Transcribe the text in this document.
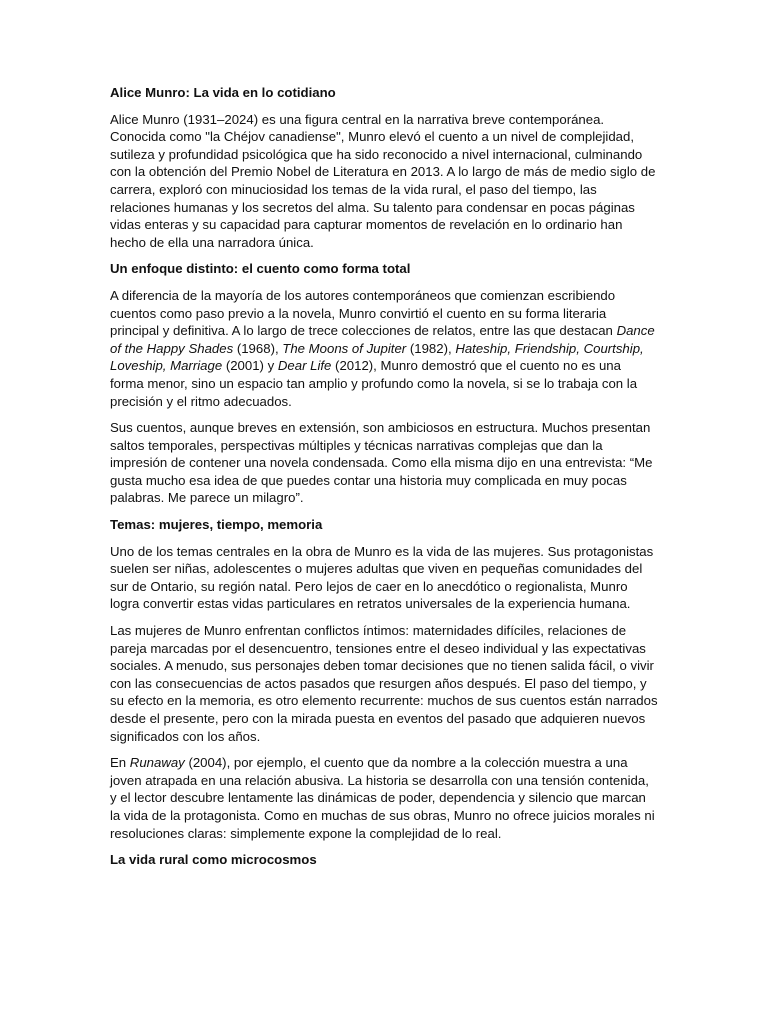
Alice Munro: La vida en lo cotidiano

Alice Munro (1931–2024) es una figura central en la narrativa breve contemporánea. Conocida como "la Chéjov canadiense", Munro elevó el cuento a un nivel de complejidad, sutileza y profundidad psicológica que ha sido reconocido a nivel internacional, culminando con la obtención del Premio Nobel de Literatura en 2013. A lo largo de más de medio siglo de carrera, exploró con minuciosidad los temas de la vida rural, el paso del tiempo, las relaciones humanas y los secretos del alma. Su talento para condensar en pocas páginas vidas enteras y su capacidad para capturar momentos de revelación en lo ordinario han hecho de ella una narradora única.

Un enfoque distinto: el cuento como forma total

A diferencia de la mayoría de los autores contemporáneos que comienzan escribiendo cuentos como paso previo a la novela, Munro convirtió el cuento en su forma literaria principal y definitiva. A lo largo de trece colecciones de relatos, entre las que destacan Dance of the Happy Shades (1968), The Moons of Jupiter (1982), Hateship, Friendship, Courtship, Loveship, Marriage (2001) y Dear Life (2012), Munro demostró que el cuento no es una forma menor, sino un espacio tan amplio y profundo como la novela, si se lo trabaja con la precisión y el ritmo adecuados.

Sus cuentos, aunque breves en extensión, son ambiciosos en estructura. Muchos presentan saltos temporales, perspectivas múltiples y técnicas narrativas complejas que dan la impresión de contener una novela condensada. Como ella misma dijo en una entrevista: “Me gusta mucho esa idea de que puedes contar una historia muy complicada en muy pocas palabras. Me parece un milagro”.

Temas: mujeres, tiempo, memoria

Uno de los temas centrales en la obra de Munro es la vida de las mujeres. Sus protagonistas suelen ser niñas, adolescentes o mujeres adultas que viven en pequeñas comunidades del sur de Ontario, su región natal. Pero lejos de caer en lo anecdótico o regionalista, Munro logra convertir estas vidas particulares en retratos universales de la experiencia humana.

Las mujeres de Munro enfrentan conflictos íntimos: maternidades difíciles, relaciones de pareja marcadas por el desencuentro, tensiones entre el deseo individual y las expectativas sociales. A menudo, sus personajes deben tomar decisiones que no tienen salida fácil, o vivir con las consecuencias de actos pasados que resurgen años después. El paso del tiempo, y su efecto en la memoria, es otro elemento recurrente: muchos de sus cuentos están narrados desde el presente, pero con la mirada puesta en eventos del pasado que adquieren nuevos significados con los años.

En Runaway (2004), por ejemplo, el cuento que da nombre a la colección muestra a una joven atrapada en una relación abusiva. La historia se desarrolla con una tensión contenida, y el lector descubre lentamente las dinámicas de poder, dependencia y silencio que marcan la vida de la protagonista. Como en muchas de sus obras, Munro no ofrece juicios morales ni resoluciones claras: simplemente expone la complejidad de lo real.

La vida rural como microcosmos
